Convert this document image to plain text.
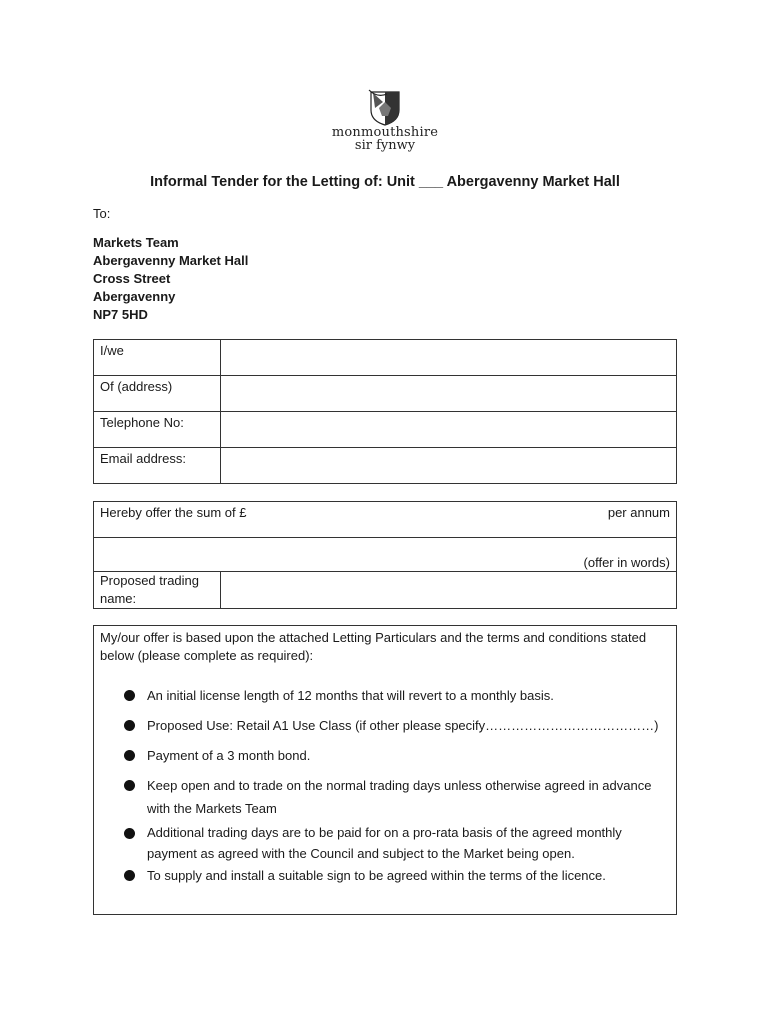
monmouthshire
sir fynwy
Informal Tender for the Letting of: Unit ___ Abergavenny Market Hall
To:
Markets Team
Abergavenny Market Hall
Cross Street
Abergavenny
NP7 5HD
I/we	
Of (address)	
Telephone No:	
Email address:	
Hereby offer the sum of £	per annum

(offer in words)
Proposed trading name:	
My/our offer is based upon the attached Letting Particulars and the terms and conditions stated below (please complete as required):
An initial license length of 12 months that will revert to a monthly basis.
Proposed Use: Retail A1 Use Class (if other please specify…………………………………)
Payment of a 3 month bond.
Keep open and to trade on the normal trading days unless otherwise agreed in advance with the Markets Team
Additional trading days are to be paid for on a pro-rata basis of the agreed monthly payment as agreed with the Council and subject to the Market being open.
To supply and install a suitable sign to be agreed within the terms of the licence.
